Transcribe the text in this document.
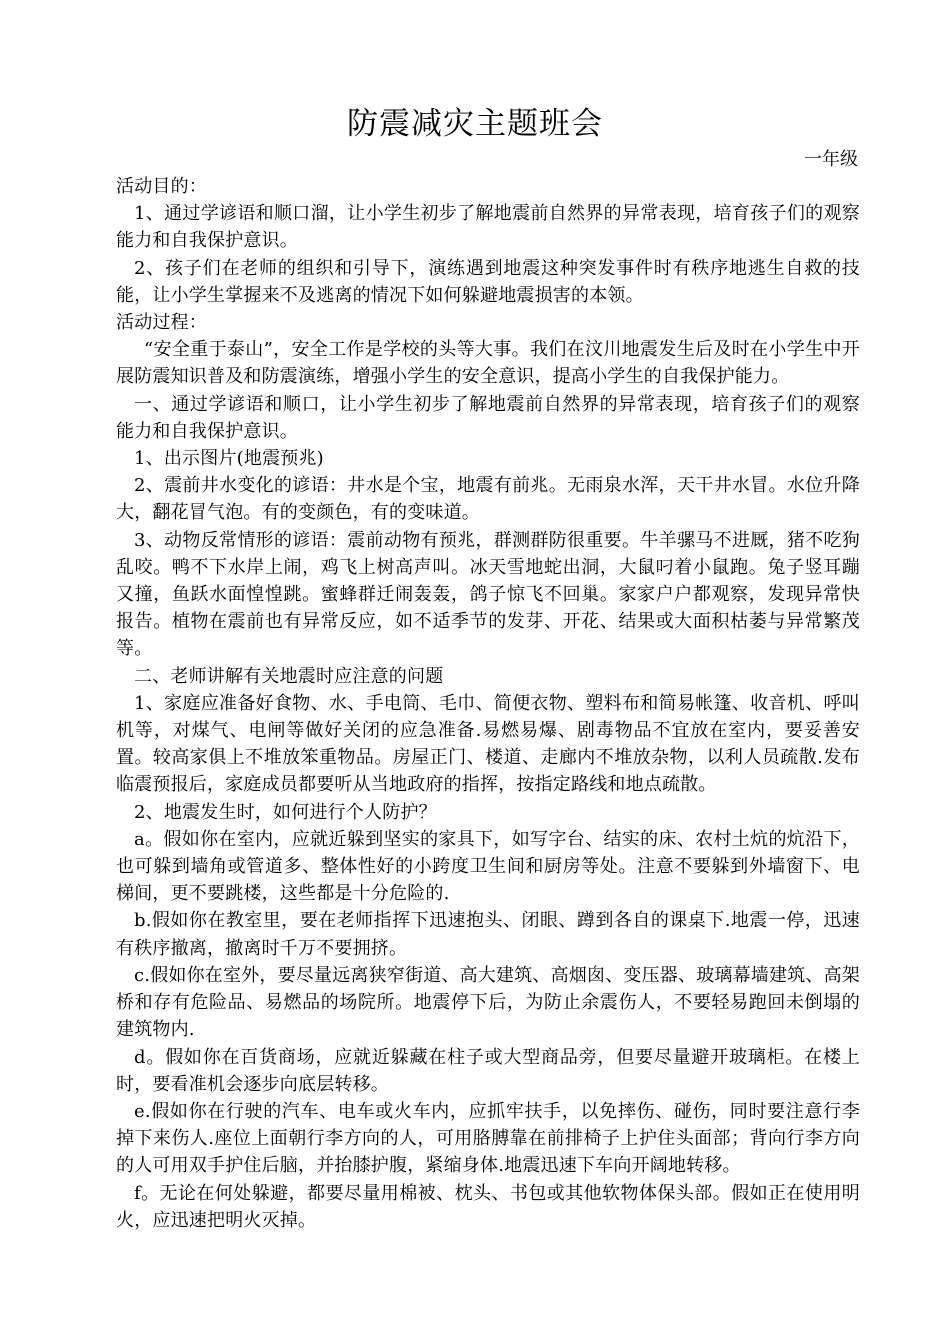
防震减灾主题班会
一年级

活动目的：

1、通过学谚语和顺口溜，让小学生初步了解地震前自然界的异常表现，培育孩子们的观察能力和自我保护意识。

2、孩子们在老师的组织和引导下，演练遇到地震这种突发事件时有秩序地逃生自救的技能，让小学生掌握来不及逃离的情况下如何躲避地震损害的本领。

活动过程：

“安全重于泰山”，安全工作是学校的头等大事。我们在汶川地震发生后及时在小学生中开展防震知识普及和防震演练，增强小学生的安全意识，提高小学生的自我保护能力。

一、通过学谚语和顺口，让小学生初步了解地震前自然界的异常表现，培育孩子们的观察能力和自我保护意识。

1、出示图片(地震预兆)

2、震前井水变化的谚语：井水是个宝，地震有前兆。无雨泉水浑，天干井水冒。水位升降大，翻花冒气泡。有的变颜色，有的变味道。

3、动物反常情形的谚语：震前动物有预兆，群测群防很重要。牛羊骡马不进厩，猪不吃狗乱咬。鸭不下水岸上闹，鸡飞上树高声叫。冰天雪地蛇出洞，大鼠叼着小鼠跑。兔子竖耳蹦又撞，鱼跃水面惶惶跳。蜜蜂群迁闹轰轰，鸽子惊飞不回巢。家家户户都观察，发现异常快报告。植物在震前也有异常反应，如不适季节的发芽、开花、结果或大面积枯萎与异常繁茂等。

二、老师讲解有关地震时应注意的问题

1、家庭应准备好食物、水、手电筒、毛巾、简便衣物、塑料布和简易帐篷、收音机、呼叫机等，对煤气、电闸等做好关闭的应急准备.易燃易爆、剧毒物品不宜放在室内，要妥善安置。较高家俱上不堆放笨重物品。房屋正门、楼道、走廊内不堆放杂物，以利人员疏散.发布临震预报后，家庭成员都要听从当地政府的指挥，按指定路线和地点疏散。

2、地震发生时，如何进行个人防护？

a。假如你在室内，应就近躲到坚实的家具下，如写字台、结实的床、农村土炕的炕沿下，也可躲到墙角或管道多、整体性好的小跨度卫生间和厨房等处。注意不要躲到外墙窗下、电梯间，更不要跳楼，这些都是十分危险的.

b.假如你在教室里，要在老师指挥下迅速抱头、闭眼、蹲到各自的课桌下.地震一停，迅速有秩序撤离，撤离时千万不要拥挤。

c.假如你在室外，要尽量远离狭窄街道、高大建筑、高烟囱、变压器、玻璃幕墙建筑、高架桥和存有危险品、易燃品的场院所。地震停下后，为防止余震伤人，不要轻易跑回未倒塌的建筑物内.

d。假如你在百货商场，应就近躲藏在柱子或大型商品旁，但要尽量避开玻璃柜。在楼上时，要看准机会逐步向底层转移。

e.假如你在行驶的汽车、电车或火车内，应抓牢扶手，以免摔伤、碰伤，同时要注意行李掉下来伤人.座位上面朝行李方向的人，可用胳膊靠在前排椅子上护住头面部；背向行李方向的人可用双手护住后脑，并抬膝护腹，紧缩身体.地震迅速下车向开阔地转移。

f。无论在何处躲避，都要尽量用棉被、枕头、书包或其他软物体保头部。假如正在使用明火，应迅速把明火灭掉。
